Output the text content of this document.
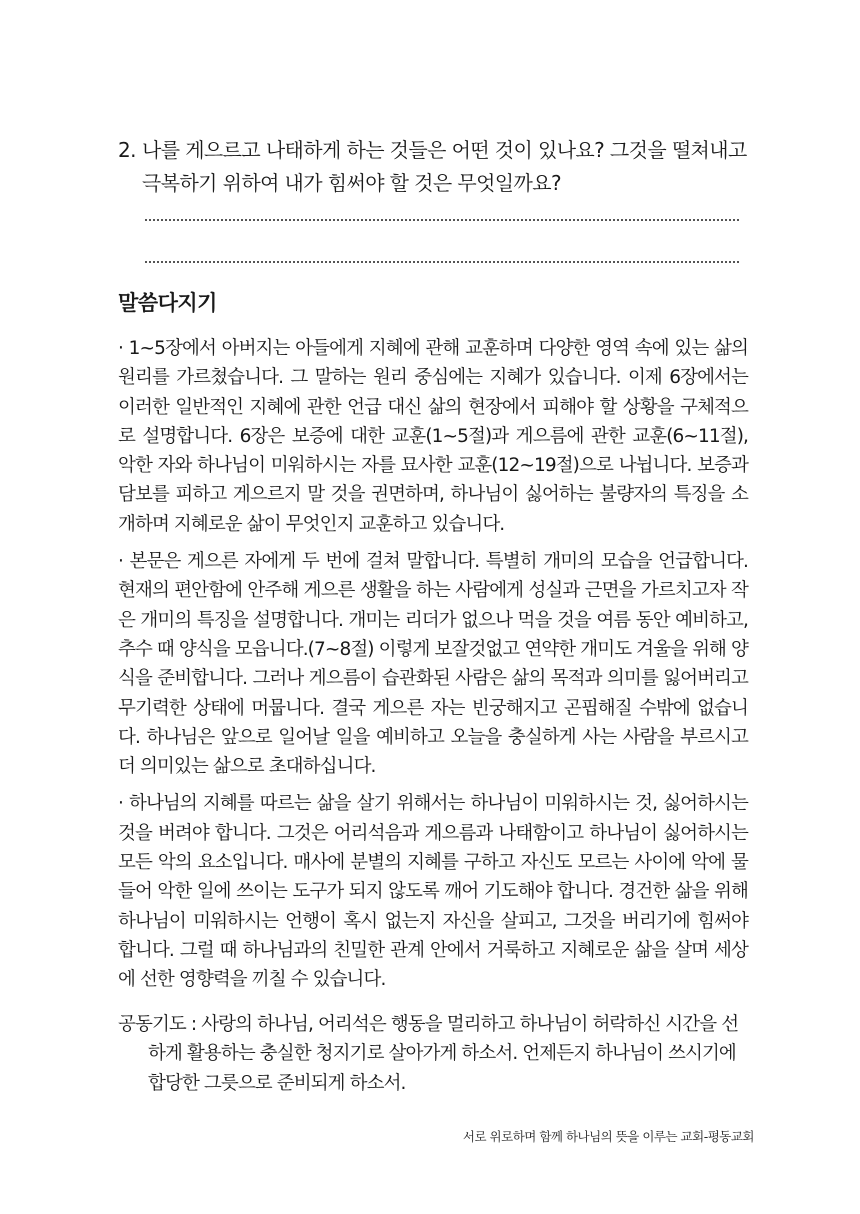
2. 나를 게으르고 나태하게 하는 것들은 어떤 것이 있나요? 그것을 떨쳐내고 극복하기 위하여 내가 힘써야 할 것은 무엇일까요?
말씀다지기

· 1~5장에서 아버지는 아들에게 지혜에 관해 교훈하며 다양한 영역 속에 있는 삶의 원리를 가르쳤습니다. 그 말하는 원리 중심에는 지혜가 있습니다. 이제 6장에서는 이러한 일반적인 지혜에 관한 언급 대신 삶의 현장에서 피해야 할 상황을 구체적으로 설명합니다. 6장은 보증에 대한 교훈(1~5절)과 게으름에 관한 교훈(6~11절), 악한 자와 하나님이 미워하시는 자를 묘사한 교훈(12~19절)으로 나뉩니다. 보증과 담보를 피하고 게으르지 말 것을 권면하며, 하나님이 싫어하는 불량자의 특징을 소개하며 지혜로운 삶이 무엇인지 교훈하고 있습니다.

· 본문은 게으른 자에게 두 번에 걸쳐 말합니다. 특별히 개미의 모습을 언급합니다. 현재의 편안함에 안주해 게으른 생활을 하는 사람에게 성실과 근면을 가르치고자 작은 개미의 특징을 설명합니다. 개미는 리더가 없으나 먹을 것을 여름 동안 예비하고, 추수 때 양식을 모읍니다.(7~8절) 이렇게 보잘것없고 연약한 개미도 겨울을 위해 양식을 준비합니다. 그러나 게으름이 습관화된 사람은 삶의 목적과 의미를 잃어버리고 무기력한 상태에 머뭅니다. 결국 게으른 자는 빈궁해지고 곤핍해질 수밖에 없습니다. 하나님은 앞으로 일어날 일을 예비하고 오늘을 충실하게 사는 사람을 부르시고 더 의미있는 삶으로 초대하십니다.

· 하나님의 지혜를 따르는 삶을 살기 위해서는 하나님이 미워하시는 것, 싫어하시는 것을 버려야 합니다. 그것은 어리석음과 게으름과 나태함이고 하나님이 싫어하시는 모든 악의 요소입니다. 매사에 분별의 지혜를 구하고 자신도 모르는 사이에 악에 물들어 악한 일에 쓰이는 도구가 되지 않도록 깨어 기도해야 합니다. 경건한 삶을 위해 하나님이 미워하시는 언행이 혹시 없는지 자신을 살피고, 그것을 버리기에 힘써야 합니다. 그럴 때 하나님과의 친밀한 관계 안에서 거룩하고 지혜로운 삶을 살며 세상에 선한 영향력을 끼칠 수 있습니다.

공동기도 : 사랑의 하나님, 어리석은 행동을 멀리하고 하나님이 허락하신 시간을 선하게 활용하는 충실한 청지기로 살아가게 하소서. 언제든지 하나님이 쓰시기에 합당한 그릇으로 준비되게 하소서.
서로 위로하며 함께 하나님의 뜻을 이루는 교회-평동교회
